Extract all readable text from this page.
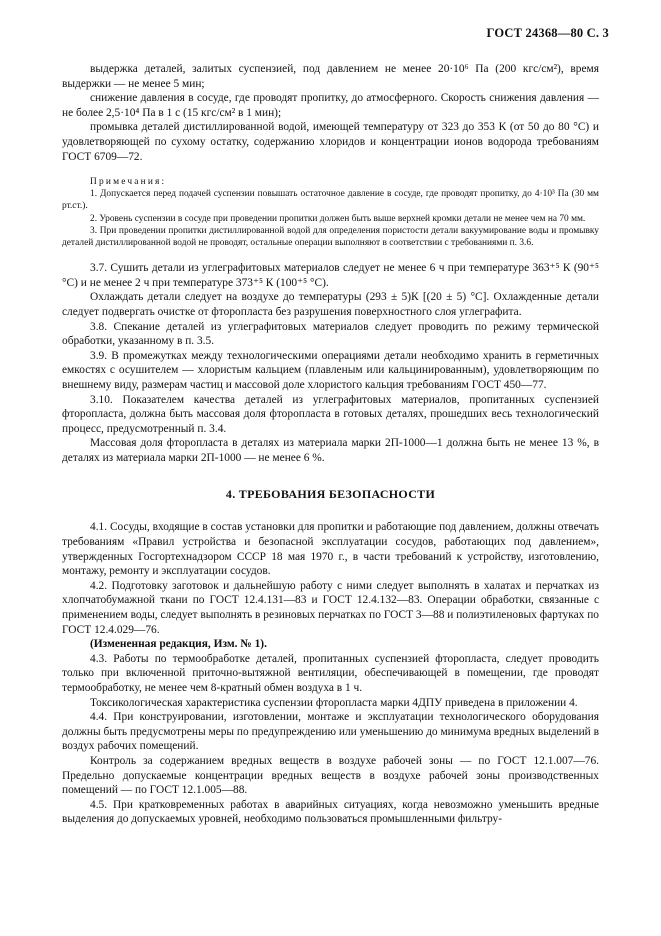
ГОСТ 24368—80 С. 3

выдержка деталей, залитых суспензией, под давлением не менее 20·10⁶ Па (200 кгс/см²), время выдержки — не менее 5 мин;

снижение давления в сосуде, где проводят пропитку, до атмосферного. Скорость снижения давления — не более 2,5·10⁴ Па в 1 с (15 кгс/см² в 1 мин);

промывка деталей дистиллированной водой, имеющей температуру от 323 до 353 К (от 50 до 80 °С) и удовлетворяющей по сухому остатку, содержанию хлоридов и концентрации ионов водорода требованиям ГОСТ 6709—72.

Примечания:

1. Допускается перед подачей суспензии повышать остаточное давление в сосуде, где проводят пропитку, до 4·10³ Па (30 мм рт.ст.).

2. Уровень суспензии в сосуде при проведении пропитки должен быть выше верхней кромки детали не менее чем на 70 мм.

3. При проведении пропитки дистиллированной водой для определения пористости детали вакуумирование воды и промывку деталей дистиллированной водой не проводят, остальные операции выполняют в соответствии с требованиями п. 3.6.

3.7. Сушить детали из углеграфитовых материалов следует не менее 6 ч при температуре 363⁺⁵ К (90⁺⁵ °С) и не менее 2 ч при температуре 373⁺⁵ К (100⁺⁵ °С).

Охлаждать детали следует на воздухе до температуры (293 ± 5)К [(20 ± 5) °С]. Охлажденные детали следует подвергать очистке от фторопласта без разрушения поверхностного слоя углеграфита.

3.8. Спекание деталей из углеграфитовых материалов следует проводить по режиму термической обработки, указанному в п. 3.5.

3.9. В промежутках между технологическими операциями детали необходимо хранить в герметичных емкостях с осушителем — хлористым кальцием (плавленым или кальцинированным), удовлетворяющим по внешнему виду, размерам частиц и массовой доле хлористого кальция требованиям ГОСТ 450—77.

3.10. Показателем качества деталей из углеграфитовых материалов, пропитанных суспензией фторопласта, должна быть массовая доля фторопласта в готовых деталях, прошедших весь технологический процесс, предусмотренный п. 3.4.

Массовая доля фторопласта в деталях из материала марки 2П-1000—1 должна быть не менее 13 %, в деталях из материала марки 2П-1000 — не менее 6 %.

4. ТРЕБОВАНИЯ БЕЗОПАСНОСТИ

4.1. Сосуды, входящие в состав установки для пропитки и работающие под давлением, должны отвечать требованиям «Правил устройства и безопасной эксплуатации сосудов, работающих под давлением», утвержденных Госгортехнадзором СССР 18 мая 1970 г., в части требований к устройству, изготовлению, монтажу, ремонту и эксплуатации сосудов.

4.2. Подготовку заготовок и дальнейшую работу с ними следует выполнять в халатах и перчатках из хлопчатобумажной ткани по ГОСТ 12.4.131—83 и ГОСТ 12.4.132—83. Операции обработки, связанные с применением воды, следует выполнять в резиновых перчатках по ГОСТ 3—88 и полиэтиленовых фартуках по ГОСТ 12.4.029—76.

(Измененная редакция, Изм. № 1).

4.3. Работы по термообработке деталей, пропитанных суспензией фторопласта, следует проводить только при включенной приточно-вытяжной вентиляции, обеспечивающей в помещении, где проводят термообработку, не менее чем 8-кратный обмен воздуха в 1 ч.

Токсикологическая характеристика суспензии фторопласта марки 4ДПУ приведена в приложении 4.

4.4. При конструировании, изготовлении, монтаже и эксплуатации технологического оборудования должны быть предусмотрены меры по предупреждению или уменьшению до минимума вредных выделений в воздух рабочих помещений.

Контроль за содержанием вредных веществ в воздухе рабочей зоны — по ГОСТ 12.1.007—76. Предельно допускаемые концентрации вредных веществ в воздухе рабочей зоны производственных помещений — по ГОСТ 12.1.005—88.

4.5. При кратковременных работах в аварийных ситуациях, когда невозможно уменьшить вредные выделения до допускаемых уровней, необходимо пользоваться промышленными фильтру-
